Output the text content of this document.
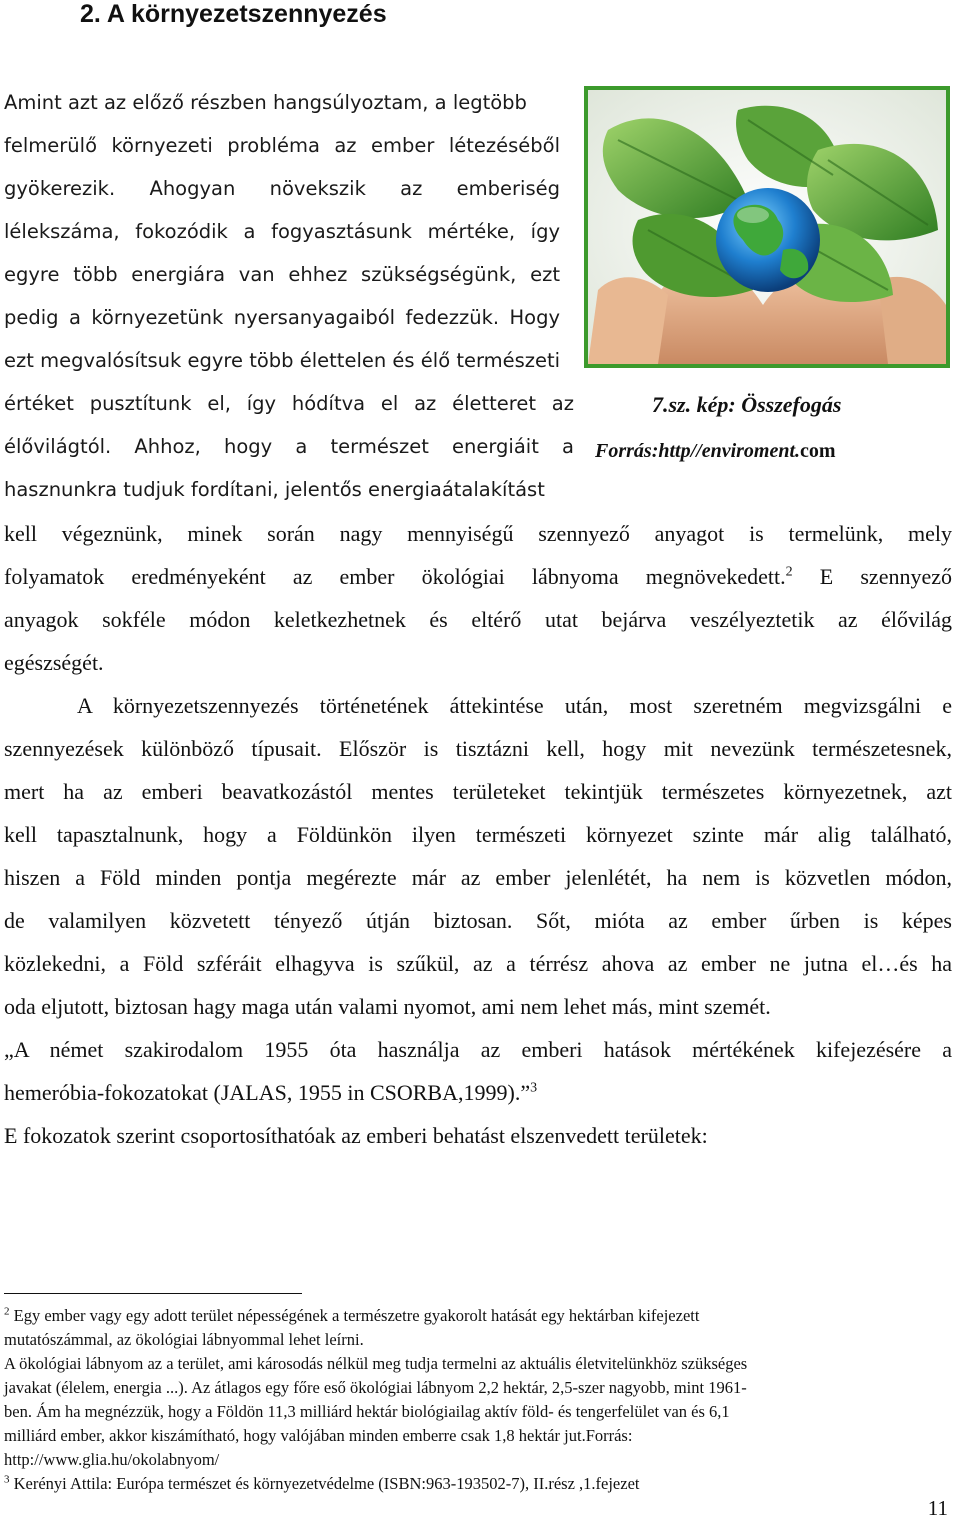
2. A környezetszennyezés
Amint azt az előző részben hangsúlyoztam, a legtöbb
felmerülő környezeti probléma az ember létezéséből
gyökerezik. Ahogyan növekszik az emberiség
lélekszáma, fokozódik a fogyasztásunk mértéke, így
egyre több energiára van ehhez szükségségünk, ezt
pedig a környezetünk nyersanyagaiból fedezzük. Hogy
ezt megvalósítsuk egyre több élettelen és élő természeti
értéket pusztítunk el, így hódítva el az életteret az
élővilágtól. Ahhoz, hogy a természet energiáit a
hasznunkra tudjuk fordítani, jelentős energiaátalakítást
7.sz. kép: Összefogás
Forrás:http//enviroment.com
kell végeznünk, minek során nagy mennyiségű szennyező anyagot is termelünk, mely
folyamatok eredményeként az ember ökológiai lábnyoma megnövekedett.$^2$ E szennyező
anyagok sokféle módon keletkezhetnek és eltérő utat bejárva veszélyeztetik az élővilág
egészségét.
A környezetszennyezés történetének áttekintése után, most szeretném megvizsgálni e
szennyezések különböző típusait. Először is tisztázni kell, hogy mit nevezünk természetesnek,
mert ha az emberi beavatkozástól mentes területeket tekintjük természetes környezetnek, azt
kell tapasztalnunk, hogy a Földünkön ilyen természeti környezet szinte már alig található,
hiszen a Föld minden pontja megérezte már az ember jelenlétét, ha nem is közvetlen módon,
de valamilyen közvetett tényező útján biztosan. Sőt, mióta az ember űrben is képes
közlekedni, a Föld szféráit elhagyva is szűkül, az a térrész ahova az ember ne jutna el…és ha
oda eljutott, biztosan hagy maga után valami nyomot, ami nem lehet más, mint szemét.
„A német szakirodalom 1955 óta használja az emberi hatások mértékének kifejezésére a
hemeróbia-fokozatokat (JALAS, 1955 in CSORBA,1999).”$^3$
E fokozatok szerint csoportosíthatóak az emberi behatást elszenvedett területek:
$^2$ Egy ember vagy egy adott terület népességének a természetre gyakorolt hatását egy hektárban kifejezett
mutatószámmal, az ökológiai lábnyommal lehet leírni.
A ökológiai lábnyom az a terület, ami károsodás nélkül meg tudja termelni az aktuális életvitelünkhöz szükséges
javakat (élelem, energia ...). Az átlagos egy főre eső ökológiai lábnyom 2,2 hektár, 2,5-szer nagyobb, mint 1961-
ben. Ám ha megnézzük, hogy a Földön 11,3 milliárd hektár biológiailag aktív föld- és tengerfelület van és 6,1
milliárd ember, akkor kiszámítható, hogy valójában minden emberre csak 1,8 hektár jut.Forrás:
http://www.glia.hu/okolabnyom/
$^3$ Kerényi Attila: Európa természet és környezetvédelme (ISBN:963-193502-7), II.rész ,1.fejezet
11
